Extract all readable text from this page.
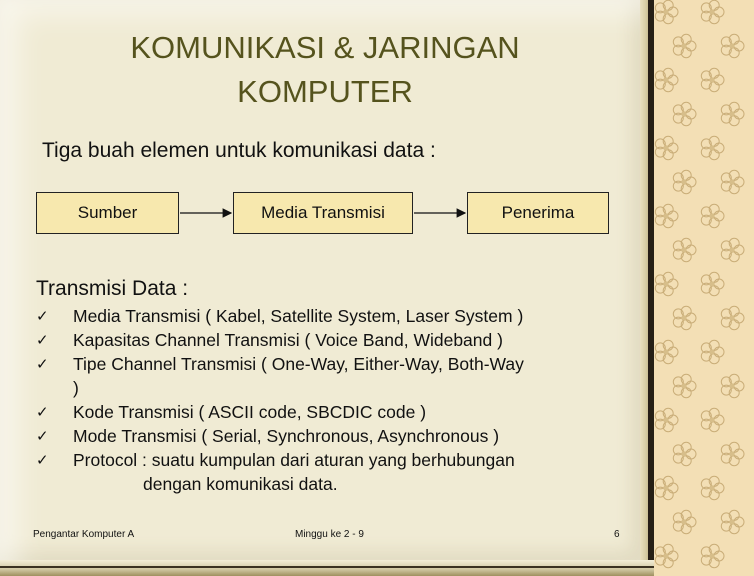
KOMUNIKASI & JARINGAN
KOMPUTER
Tiga buah elemen untuk komunikasi data :
Sumber	Media Transmisi	Penerima
Transmisi Data :
✓ Media Transmisi ( Kabel, Satellite System, Laser System )
✓ Kapasitas Channel Transmisi ( Voice Band, Wideband )
✓ Tipe Channel Transmisi ( One-Way, Either-Way, Both-Way
)
✓ Kode Transmisi ( ASCII code, SBCDIC code )
✓ Mode Transmisi ( Serial, Synchronous, Asynchronous )
✓ Protocol : suatu kumpulan dari aturan yang berhubungan
dengan komunikasi data.
Pengantar Komputer A	Minggu ke 2 - 9	6
